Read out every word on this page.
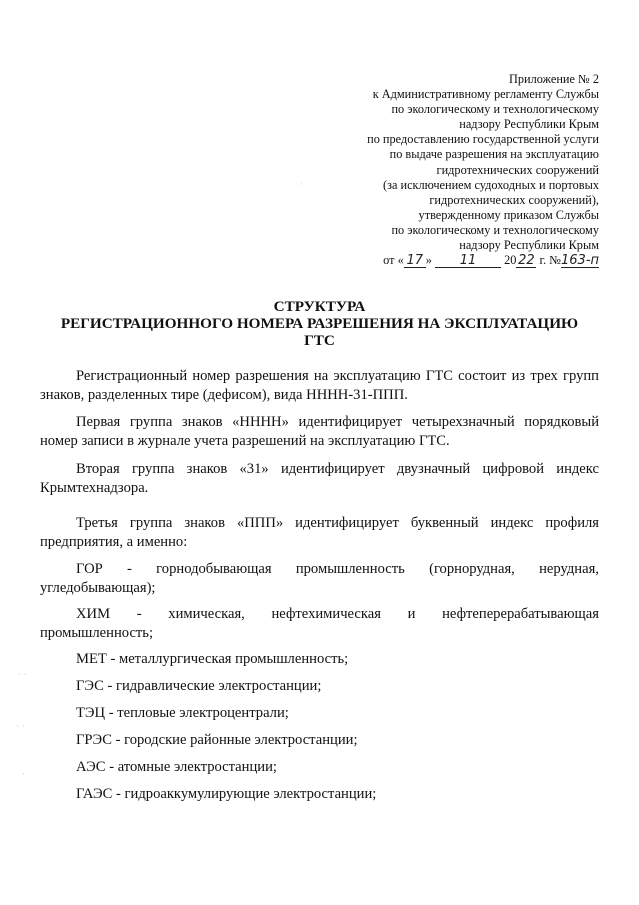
Приложение № 2
к Административному регламенту Службы
по экологическому и технологическому
надзору Республики Крым
по предоставлению государственной услуги
по выдаче разрешения на эксплуатацию
гидротехнических сооружений
(за исключением судоходных и портовых
гидротехнических сооружений),
утвержденному приказом Службы
по экологическому и технологическому
надзору Республики Крым
от « 17 » 11 20 22 г. №163-п
СТРУКТУРА
РЕГИСТРАЦИОННОГО НОМЕРА РАЗРЕШЕНИЯ НА ЭКСПЛУАТАЦИЮ
ГТС
Регистрационный номер разрешения на эксплуатацию ГТС состоит из трех групп знаков, разделенных тире (дефисом), вида НННН-31-ППП.
Первая группа знаков «НННН» идентифицирует четырехзначный порядковый номер записи в журнале учета разрешений на эксплуатацию ГТС.
Вторая группа знаков «31» идентифицирует двузначный цифровой индекс Крымтехнадзора.
Третья группа знаков «ППП» идентифицирует буквенный индекс профиля предприятия, а именно:
ГОР - горнодобывающая промышленность (горнорудная, нерудная,
угледобывающая);
ХИМ - химическая, нефтехимическая и нефтеперерабатывающая
промышленность;
МЕТ - металлургическая промышленность;
ГЭС - гидравлические электростанции;
ТЭЦ - тепловые электроцентрали;
ГРЭС - городские районные электростанции;
АЭС - атомные электростанции;
ГАЭС - гидроаккумулирующие электростанции;
· ·
· ·
·
·
